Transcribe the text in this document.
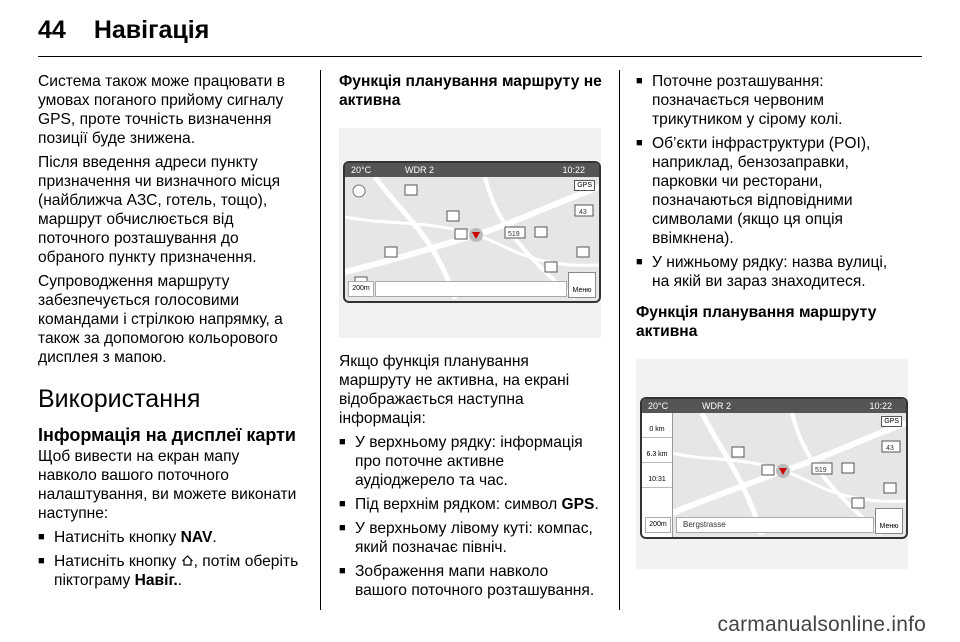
44 Навігація

Система також може працювати в умовах поганого прийому сигналу GPS, проте точність визначення позиції буде знижена.

Після введення адреси пункту призначення чи визначного місця (найближча АЗС, готель, тощо), маршрут обчислюється від поточного розташування до обраного пункту призначення.

Супроводження маршруту забезпечується голосовими командами і стрілкою напрямку, а також за допомогою кольорового дисплея з мапою.

Використання
Інформація на дисплеї карти

Щоб вивести на екран мапу навколо вашого поточного налаштування, ви можете виконати наступне:

■ Натисніть кнопку NAV.
■ Натисніть кнопку , потім оберіть піктограму Навіг..
Функція планування маршруту не активна
20°C	WDR 2	10:22
519
43
GPS
200m	Меню

Якщо функція планування маршруту не активна, на екрані відображається наступна інформація:

■ У верхньому рядку: інформація про поточне активне аудіоджерело та час.
■ Під верхнім рядком: символ GPS.
■ У верхньому лівому куті: компас, який позначає північ.
■ Зображення мапи навколо вашого поточного розташування.
■ Поточне розташування: позначається червоним трикутником у сірому колі.
■ Об’єкти інфраструктури (POI), наприклад, бензозаправки, парковки чи ресторани, позначаються відповідними символами (якщо ця опція ввімкнена).
■ У нижньому рядку: назва вулиці, на якій ви зараз знаходитеся.
Функція планування маршруту активна
20°C	WDR 2	10:22
519
43
GPS
0 km
6.3 km
10:31
200m	Bergstrasse	Меню
carmanualsonline.info
